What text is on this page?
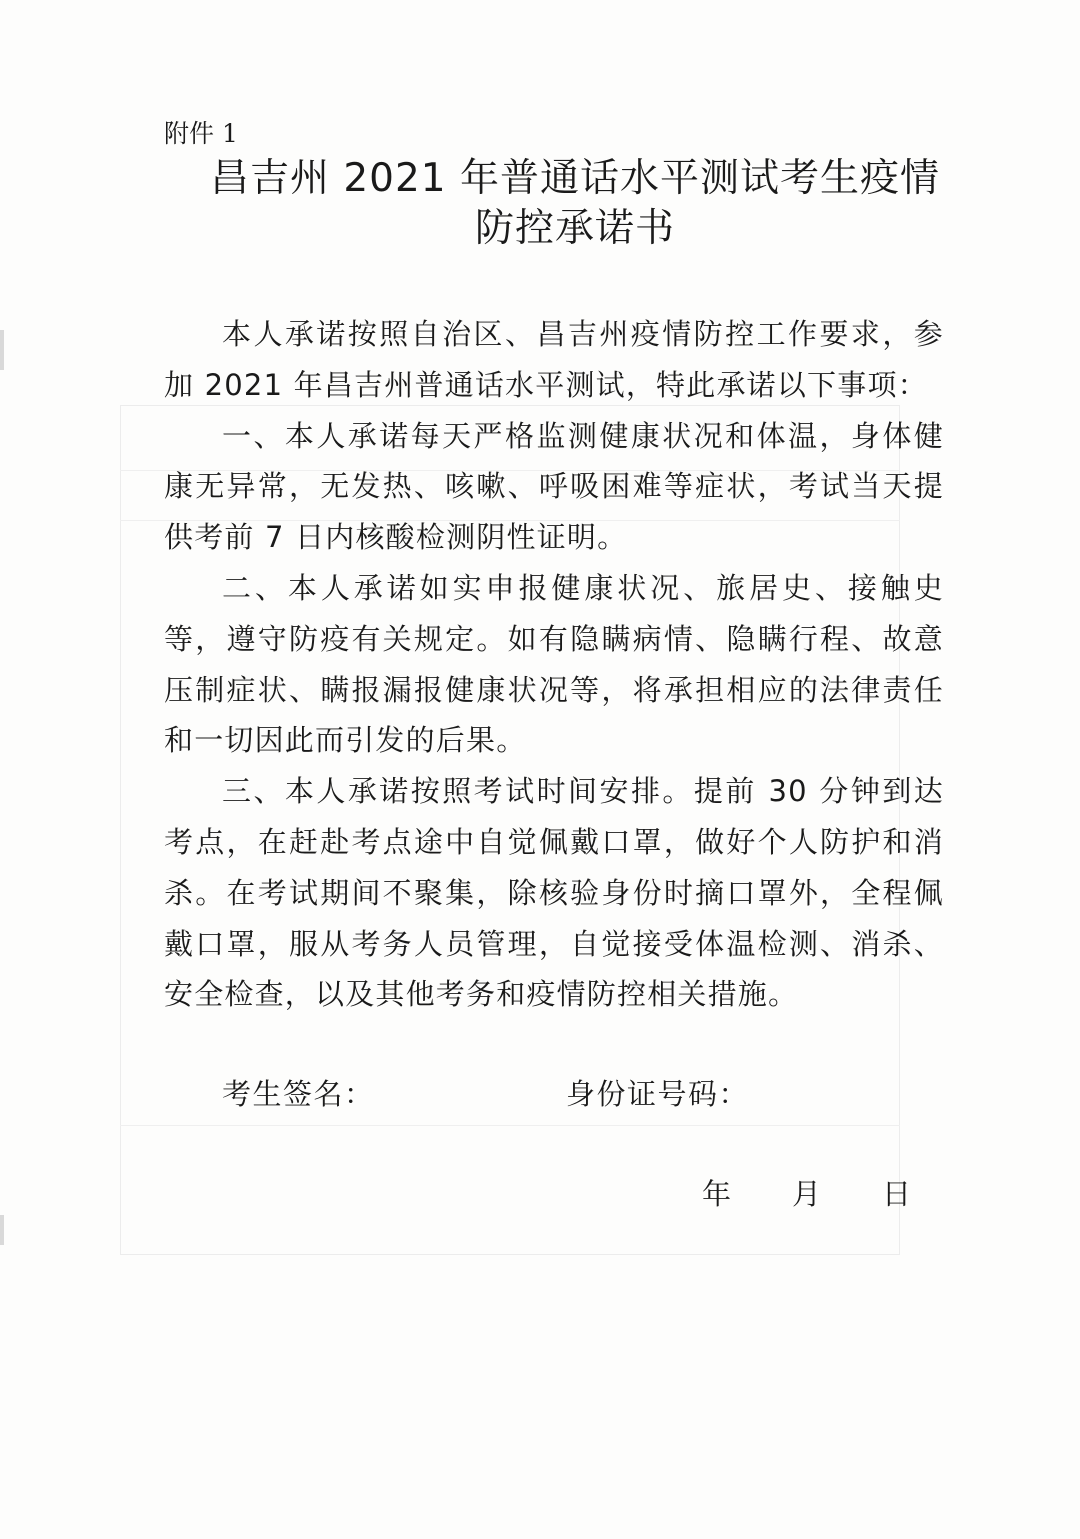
附件 1
昌吉州 2021 年普通话水平测试考生疫情
防控承诺书

本人承诺按照自治区、昌吉州疫情防控工作要求，参加 2021 年昌吉州普通话水平测试，特此承诺以下事项：

一、本人承诺每天严格监测健康状况和体温，身体健康无异常，无发热、咳嗽、呼吸困难等症状，考试当天提供考前 7 日内核酸检测阴性证明。

二、本人承诺如实申报健康状况、旅居史、接触史等，遵守防疫有关规定。如有隐瞒病情、隐瞒行程、故意压制症状、瞒报漏报健康状况等，将承担相应的法律责任和一切因此而引发的后果。

三、本人承诺按照考试时间安排。提前 30 分钟到达考点，在赶赴考点途中自觉佩戴口罩，做好个人防护和消杀。在考试期间不聚集，除核验身份时摘口罩外，全程佩戴口罩，服从考务人员管理，自觉接受体温检测、消杀、安全检查，以及其他考务和疫情防控相关措施。

考生签名：	身份证号码：
年 月 日
